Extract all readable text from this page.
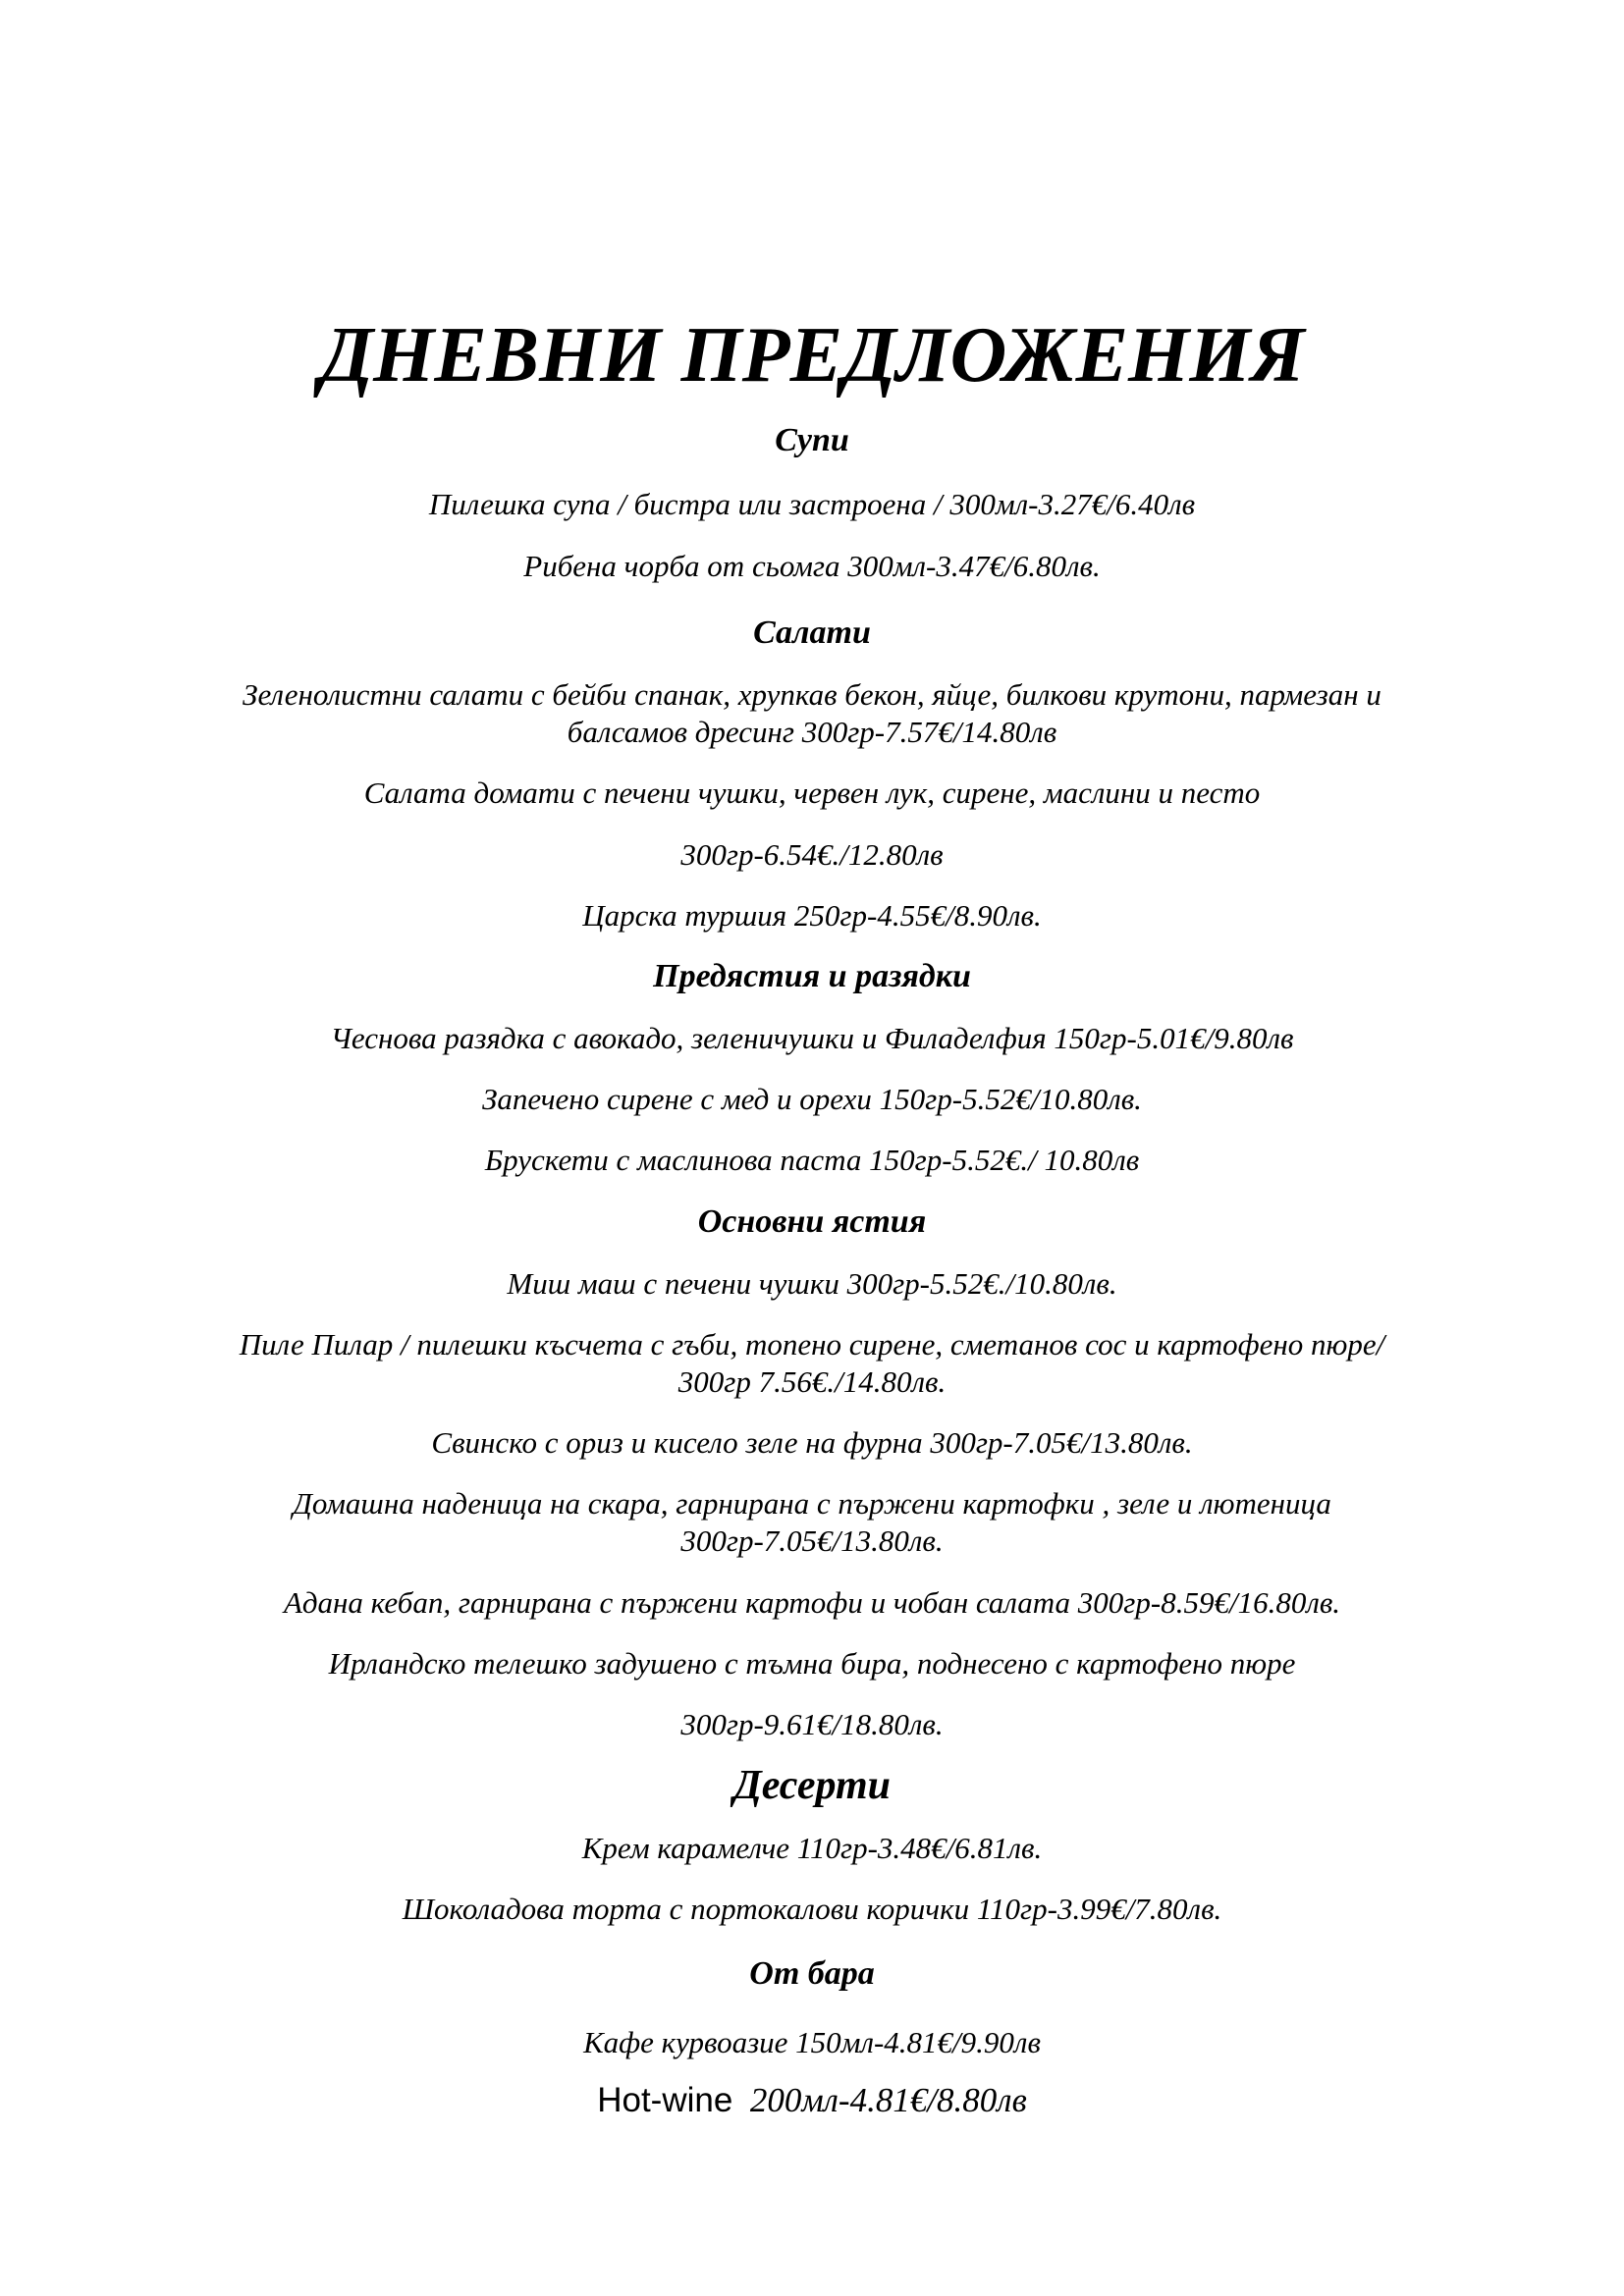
ДНЕВНИ ПРЕДЛОЖЕНИЯ
Супи
Пилешка супа / бистра или застроена / 300мл-3.27€/6.40лв
Рибена чорба от сьомга 300мл-3.47€/6.80лв.
Салати
Зеленолистни салати с бейби спанак, хрупкав бекон, яйце, билкови крутони, пармезан и
балсамов дресинг 300гр-7.57€/14.80лв
Салата домати с печени чушки, червен лук, сирене, маслини и песто
300гр-6.54€./12.80лв
Царска туршия 250гр-4.55€/8.90лв.
Предястия и разядки
Чеснова разядка с авокадо, зеленичушки и Филаделфия 150гр-5.01€/9.80лв
Запечено сирене с мед и орехи 150гр-5.52€/10.80лв.
Брускети с маслинова паста 150гр-5.52€./ 10.80лв
Основни ястия
Миш маш с печени чушки 300гр-5.52€./10.80лв.
Пиле Пилар / пилешки късчета с гъби, топено сирене, сметанов сос и картофено пюре/
300гр 7.56€./14.80лв.
Свинско с ориз и кисело зеле на фурна 300гр-7.05€/13.80лв.
Домашна наденица на скара, гарнирана с пържени картофки , зеле и лютеница
300гр-7.05€/13.80лв.
Адана кебап, гарнирана с пържени картофи и чобан салата 300гр-8.59€/16.80лв.
Ирландско телешко задушено с тъмна бира, поднесено с картофено пюре
300гр-9.61€/18.80лв.
Десерти
Крем карамелче 110гр-3.48€/6.81лв.
Шоколадова торта с портокалови корички 110гр-3.99€/7.80лв.
От бара
Кафе курвоазие 150мл-4.81€/9.90лв
Hot-wine 200мл-4.81€/8.80лв
